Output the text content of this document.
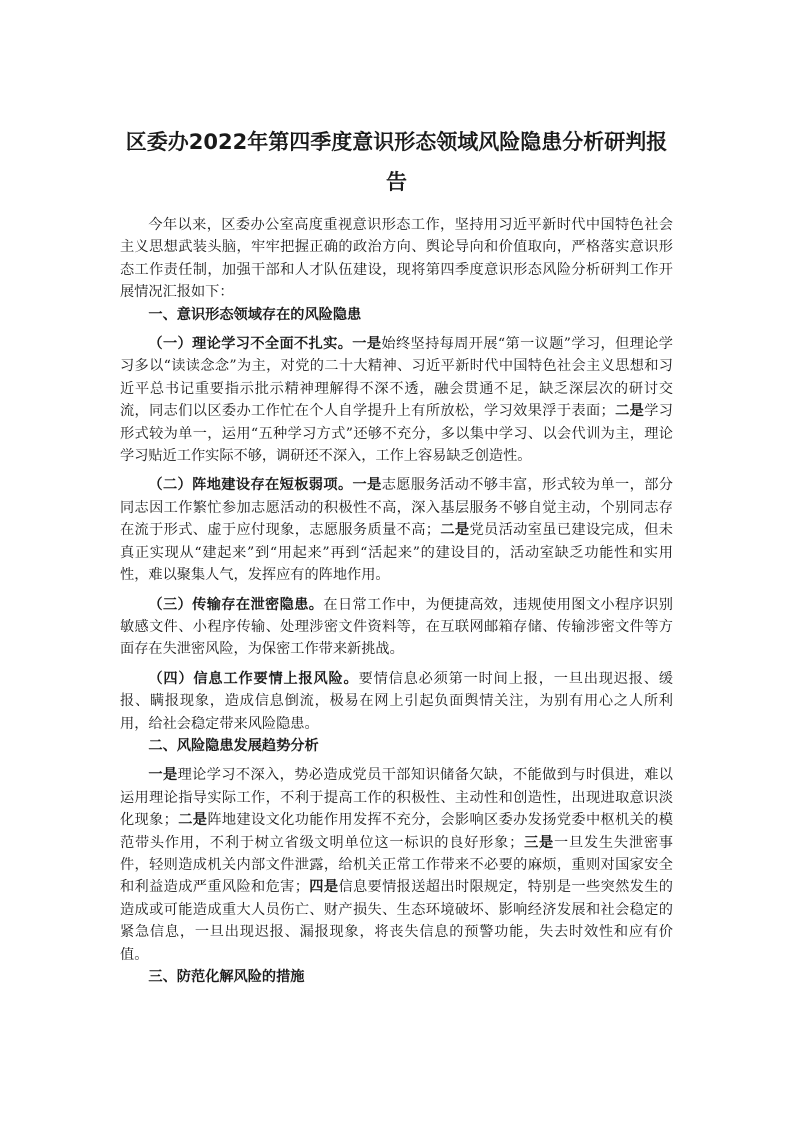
区委办2022年第四季度意识形态领域风险隐患分析研判报
告

今年以来，区委办公室高度重视意识形态工作，坚持用习近平新时代中国特色社会主义思想武装头脑，牢牢把握正确的政治方向、舆论导向和价值取向，严格落实意识形态工作责任制，加强干部和人才队伍建设，现将第四季度意识形态风险分析研判工作开展情况汇报如下：

一、意识形态领域存在的风险隐患

（一）理论学习不全面不扎实。一是始终坚持每周开展“第一议题”学习，但理论学习多以“读读念念”为主，对党的二十大精神、习近平新时代中国特色社会主义思想和习近平总书记重要指示批示精神理解得不深不透，融会贯通不足，缺乏深层次的研讨交流，同志们以区委办工作忙在个人自学提升上有所放松，学习效果浮于表面；二是学习形式较为单一，运用“五种学习方式”还够不充分，多以集中学习、以会代训为主，理论学习贴近工作实际不够，调研还不深入，工作上容易缺乏创造性。

（二）阵地建设存在短板弱项。一是志愿服务活动不够丰富，形式较为单一，部分同志因工作繁忙参加志愿活动的积极性不高，深入基层服务不够自觉主动，个别同志存在流于形式、虚于应付现象，志愿服务质量不高；二是党员活动室虽已建设完成，但未真正实现从“建起来”到“用起来”再到“活起来”的建设目的，活动室缺乏功能性和实用性，难以聚集人气，发挥应有的阵地作用。

（三）传输存在泄密隐患。在日常工作中，为便捷高效，违规使用图文小程序识别敏感文件、小程序传输、处理涉密文件资料等，在互联网邮箱存储、传输涉密文件等方面存在失泄密风险，为保密工作带来新挑战。

（四）信息工作要情上报风险。要情信息必须第一时间上报，一旦出现迟报、缓报、瞒报现象，造成信息倒流，极易在网上引起负面舆情关注，为别有用心之人所利用，给社会稳定带来风险隐患。

二、风险隐患发展趋势分析

一是理论学习不深入，势必造成党员干部知识储备欠缺，不能做到与时俱进，难以运用理论指导实际工作，不利于提高工作的积极性、主动性和创造性，出现进取意识淡化现象；二是阵地建设文化功能作用发挥不充分，会影响区委办发扬党委中枢机关的模范带头作用，不利于树立省级文明单位这一标识的良好形象；三是一旦发生失泄密事件，轻则造成机关内部文件泄露，给机关正常工作带来不必要的麻烦，重则对国家安全和利益造成严重风险和危害；四是信息要情报送超出时限规定，特别是一些突然发生的造成或可能造成重大人员伤亡、财产损失、生态环境破坏、影响经济发展和社会稳定的紧急信息，一旦出现迟报、漏报现象，将丧失信息的预警功能，失去时效性和应有价值。

三、防范化解风险的措施
